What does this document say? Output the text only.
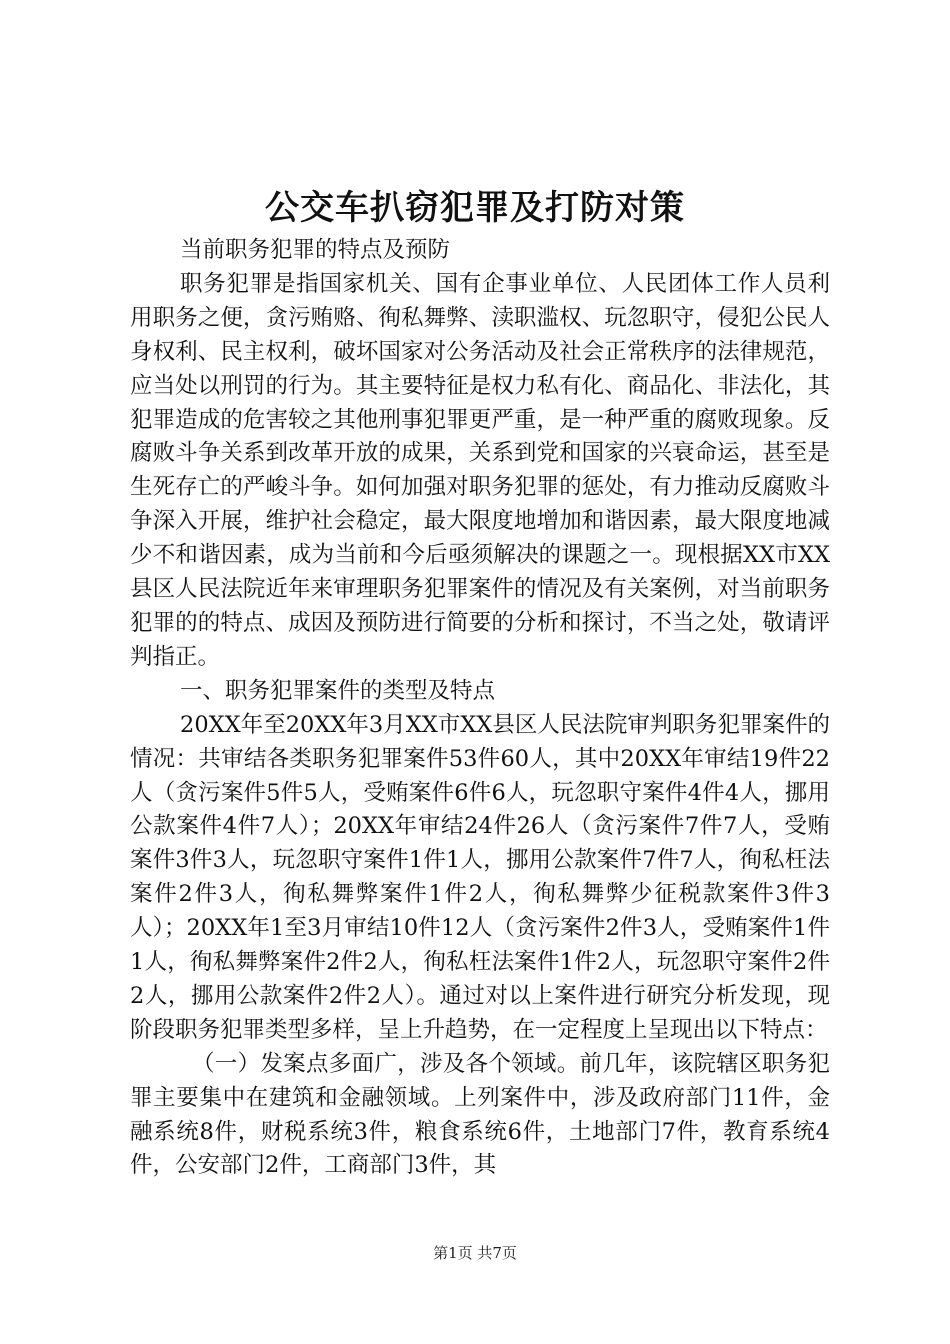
公交车扒窃犯罪及打防对策

当前职务犯罪的特点及预防

职务犯罪是指国家机关、国有企事业单位、人民团体工作人员利用职务之便，贪污贿赂、徇私舞弊、渎职滥权、玩忽职守，侵犯公民人身权利、民主权利，破坏国家对公务活动及社会正常秩序的法律规范，应当处以刑罚的行为。其主要特征是权力私有化、商品化、非法化，其犯罪造成的危害较之其他刑事犯罪更严重，是一种严重的腐败现象。反腐败斗争关系到改革开放的成果，关系到党和国家的兴衰命运，甚至是生死存亡的严峻斗争。如何加强对职务犯罪的惩处，有力推动反腐败斗争深入开展，维护社会稳定，最大限度地增加和谐因素，最大限度地减少不和谐因素，成为当前和今后亟须解决的课题之一。现根据XX市XX县区人民法院近年来审理职务犯罪案件的情况及有关案例，对当前职务犯罪的的特点、成因及预防进行简要的分析和探讨，不当之处，敬请评判指正。

一、职务犯罪案件的类型及特点

20XX年至20XX年3月XX市XX县区人民法院审判职务犯罪案件的情况：共审结各类职务犯罪案件53件60人，其中20XX年审结19件22人（贪污案件5件5人，受贿案件6件6人，玩忽职守案件4件4人，挪用公款案件4件7人）；20XX年审结24件26人（贪污案件7件7人，受贿案件3件3人，玩忽职守案件1件1人，挪用公款案件7件7人，徇私枉法案件2件3人，徇私舞弊案件1件2人，徇私舞弊少征税款案件3件3人）；20XX年1至3月审结10件12人（贪污案件2件3人，受贿案件1件1人，徇私舞弊案件2件2人，徇私枉法案件1件2人，玩忽职守案件2件2人，挪用公款案件2件2人）。通过对以上案件进行研究分析发现，现阶段职务犯罪类型多样，呈上升趋势，在一定程度上呈现出以下特点：

（一）发案点多面广，涉及各个领域。前几年，该院辖区职务犯罪主要集中在建筑和金融领域。上列案件中，涉及政府部门11件，金融系统8件，财税系统3件，粮食系统6件，土地部门7件，教育系统4件，公安部门2件，工商部门3件，其

第1页 共7页
